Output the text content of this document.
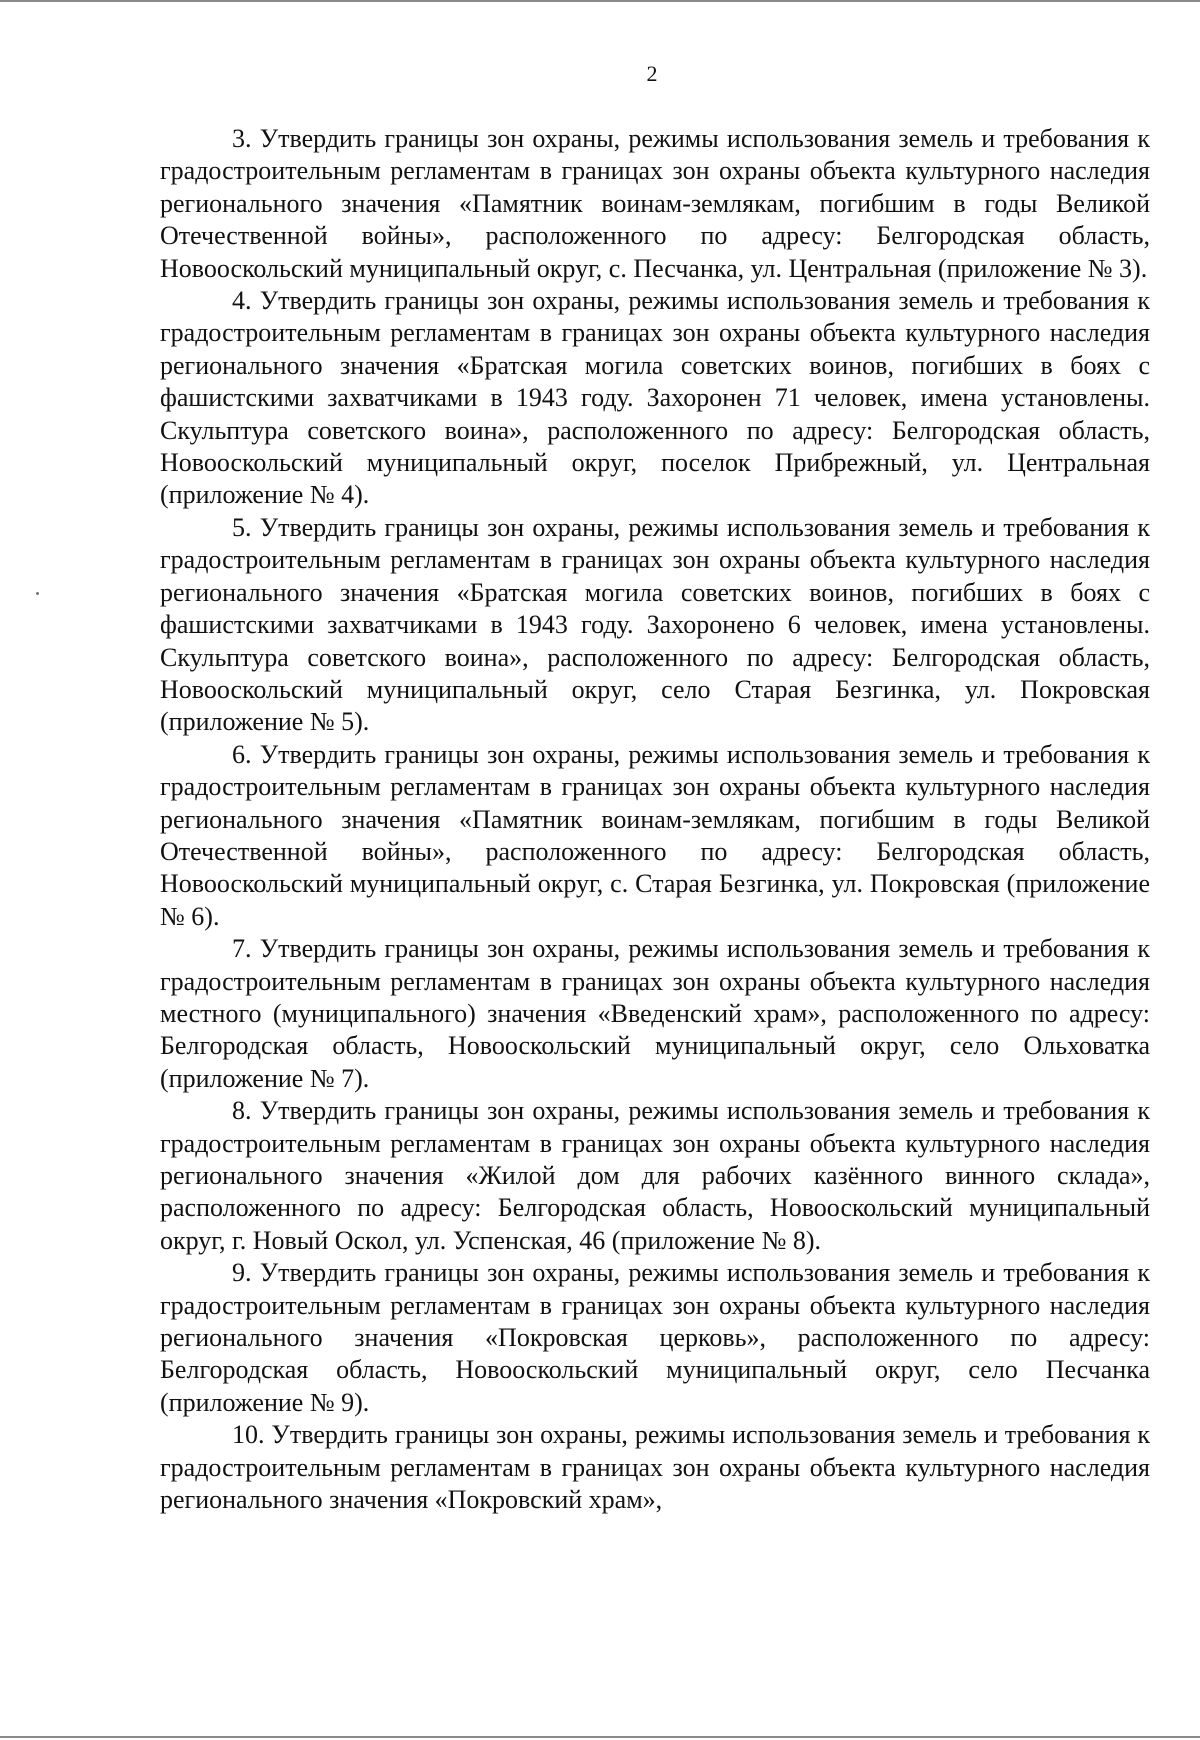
2

3. Утвердить границы зон охраны, режимы использования земель и требования к градостроительным регламентам в границах зон охраны объекта культурного наследия регионального значения «Памятник воинам-землякам, погибшим в годы Великой Отечественной войны», расположенного по адресу: Белгородская область, Новооскольский муниципальный округ, с. Песчанка, ул. Центральная (приложение № 3).

4. Утвердить границы зон охраны, режимы использования земель и требования к градостроительным регламентам в границах зон охраны объекта культурного наследия регионального значения «Братская могила советских воинов, погибших в боях с фашистскими захватчиками в 1943 году. Захоронен 71 человек, имена установлены. Скульптура советского воина», расположенного по адресу: Белгородская область, Новооскольский муниципальный округ, поселок Прибрежный, ул. Центральная (приложение № 4).

5. Утвердить границы зон охраны, режимы использования земель и требования к градостроительным регламентам в границах зон охраны объекта культурного наследия регионального значения «Братская могила советских воинов, погибших в боях с фашистскими захватчиками в 1943 году. Захоронено 6 человек, имена установлены. Скульптура советского воина», расположенного по адресу: Белгородская область, Новооскольский муниципальный округ, село Старая Безгинка, ул. Покровская (приложение № 5).

6. Утвердить границы зон охраны, режимы использования земель и требования к градостроительным регламентам в границах зон охраны объекта культурного наследия регионального значения «Памятник воинам-землякам, погибшим в годы Великой Отечественной войны», расположенного по адресу: Белгородская область, Новооскольский муниципальный округ, с. Старая Безгинка, ул. Покровская (приложение № 6).

7. Утвердить границы зон охраны, режимы использования земель и требования к градостроительным регламентам в границах зон охраны объекта культурного наследия местного (муниципального) значения «Введенский храм», расположенного по адресу: Белгородская область, Новооскольский муниципальный округ, село Ольховатка (приложение № 7).

8. Утвердить границы зон охраны, режимы использования земель и требования к градостроительным регламентам в границах зон охраны объекта культурного наследия регионального значения «Жилой дом для рабочих казённого винного склада», расположенного по адресу: Белгородская область, Новооскольский муниципальный округ, г. Новый Оскол, ул. Успенская, 46 (приложение № 8).

9. Утвердить границы зон охраны, режимы использования земель и требования к градостроительным регламентам в границах зон охраны объекта культурного наследия регионального значения «Покровская церковь», расположенного по адресу: Белгородская область, Новооскольский муниципальный округ, село Песчанка (приложение № 9).

10. Утвердить границы зон охраны, режимы использования земель и требования к градостроительным регламентам в границах зон охраны объекта культурного наследия регионального значения «Покровский храм»,
